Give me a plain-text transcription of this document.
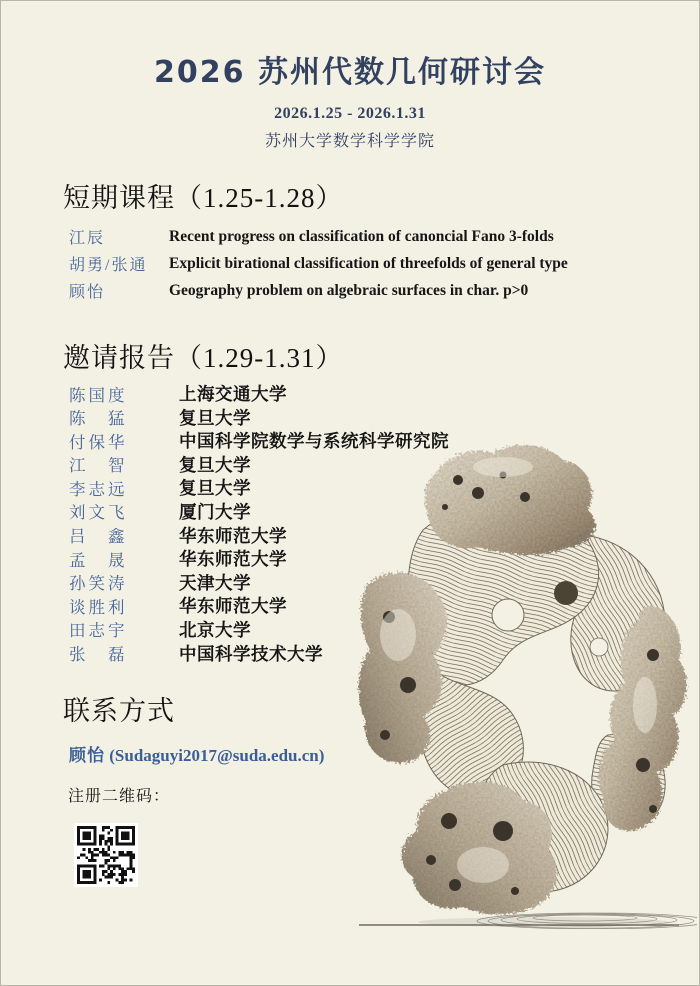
2026 苏州代数几何研讨会
2026.1.25 - 2026.1.31
苏州大学数学科学学院
短期课程（1.25-1.28）
江辰	Recent progress on classification of canoncial Fano 3-folds
胡勇/张通	Explicit birational classification of threefolds of general type
顾怡	Geography problem on algebraic surfaces in char. p>0
邀请报告（1.29-1.31）
陈国度	上海交通大学
陈　猛	复旦大学
付保华	中国科学院数学与系统科学研究院
江　智	复旦大学
李志远	复旦大学
刘文飞	厦门大学
吕　鑫	华东师范大学
孟　晟	华东师范大学
孙笑涛	天津大学
谈胜利	华东师范大学
田志宇	北京大学
张　磊	中国科学技术大学
联系方式
顾怡 (Sudaguyi2017@suda.edu.cn)
注册二维码：
